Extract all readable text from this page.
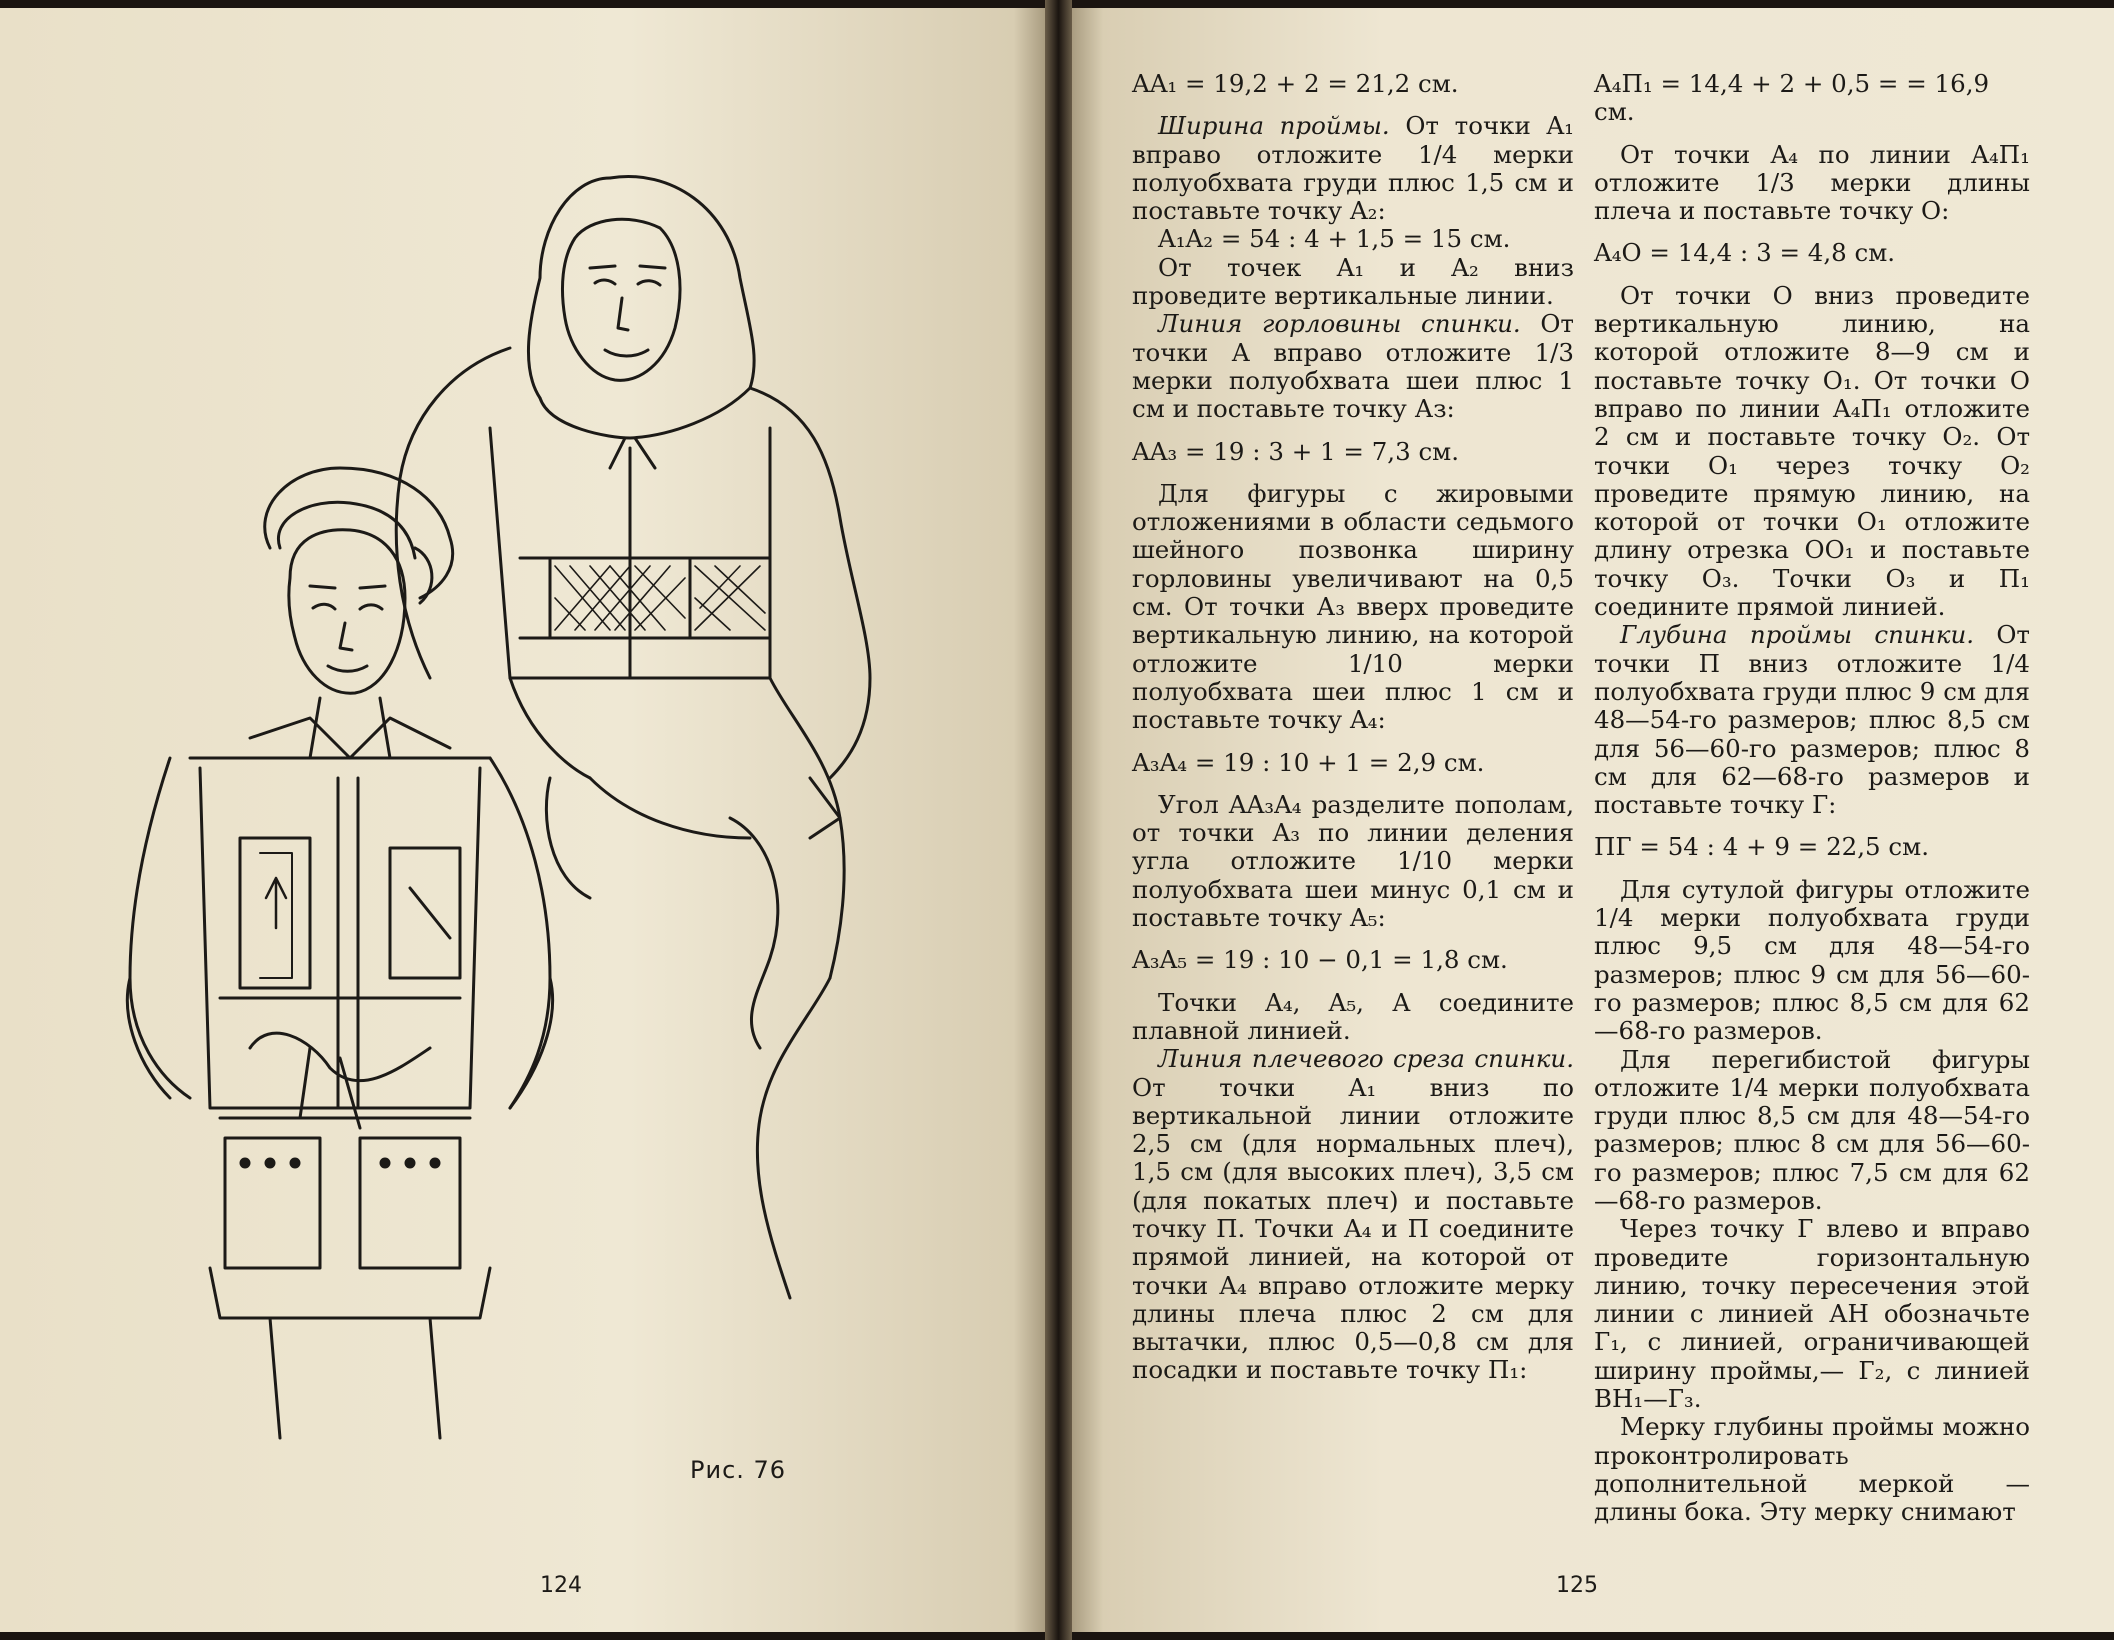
Рис. 76
124

AA₁ = 19,2 + 2 = 21,2 см.

Ширина проймы. От точки A₁ вправо отложите 1/4 мерки полуобхвата груди плюс 1,5 см и поставьте точку A₂:

A₁A₂ = 54 : 4 + 1,5 = 15 см.

От точек A₁ и A₂ вниз проведите вертикальные линии.

Линия горловины спинки. От точки А вправо отложите 1/3 мерки полуобхвата шеи плюс 1 см и поставьте точку Аз:

AA₃ = 19 : 3 + 1 = 7,3 см.

Для фигуры с жировыми отложениями в области седьмого шейного позвонка ширину горловины увеличивают на 0,5 см. От точки А₃ вверх проведите вертикальную линию, на которой отложите 1/10 мерки полуобхвата шеи плюс 1 см и поставьте точку A₄:

A₃A₄ = 19 : 10 + 1 = 2,9 см.

Угол AA₃A₄ разделите пополам, от точки A₃ по линии деления угла отложите 1/10 мерки полуобхвата шеи минус 0,1 см и поставьте точку A₅:

A₃A₅ = 19 : 10 − 0,1 = 1,8 см.

Точки A₄, A₅, А соедините плавной линией.

Линия плечевого среза спинки. От точки A₁ вниз по вертикальной линии отложите 2,5 см (для нормальных плеч), 1,5 см (для высоких плеч), 3,5 см (для покатых плеч) и поставьте точку П. Точки A₄ и П соедините прямой линией, на которой от точки A₄ вправо отложите мерку длины плеча плюс 2 см для вытачки, плюс 0,5—0,8 см для посадки и поставьте точку П₁:

A₄П₁ = 14,4 + 2 + 0,5 = = 16,9 см.

От точки A₄ по линии A₄П₁ отложите 1/3 мерки длины плеча и поставьте точку О:

A₄O = 14,4 : 3 = 4,8 см.

От точки О вниз проведите вертикальную линию, на которой отложите 8—9 см и поставьте точку O₁. От точки О вправо по линии A₄П₁ отложите 2 см и поставьте точку O₂. От точки O₁ через точку O₂ проведите прямую линию, на которой от точки O₁ отложите длину отрезка OO₁ и поставьте точку O₃. Точки O₃ и П₁ соедините прямой линией.

Глубина проймы спинки. От точки П вниз отложите 1/4 полуобхвата груди плюс 9 см для 48—54-го размеров; плюс 8,5 см для 56—60-го размеров; плюс 8 см для 62—68-го размеров и поставьте точку Г:

ПГ = 54 : 4 + 9 = 22,5 см.

Для сутулой фигуры отложите 1/4 мерки полуобхвата груди плюс 9,5 см для 48—54-го размеров; плюс 9 см для 56—60-го размеров; плюс 8,5 см для 62—68-го размеров.

Для перегибистой фигуры отложите 1/4 мерки полуобхвата груди плюс 8,5 см для 48—54-го размеров; плюс 8 см для 56—60-го размеров; плюс 7,5 см для 62—68-го размеров.

Через точку Г влево и вправо проведите горизонтальную линию, точку пересечения этой линии с линией АН обозначьте Г₁, с линией, ограничивающей ширину проймы,— Г₂, с линией ВН₁—Г₃.

Мерку глубины проймы можно проконтролировать дополнительной меркой — длины бока. Эту мерку снимают

125
